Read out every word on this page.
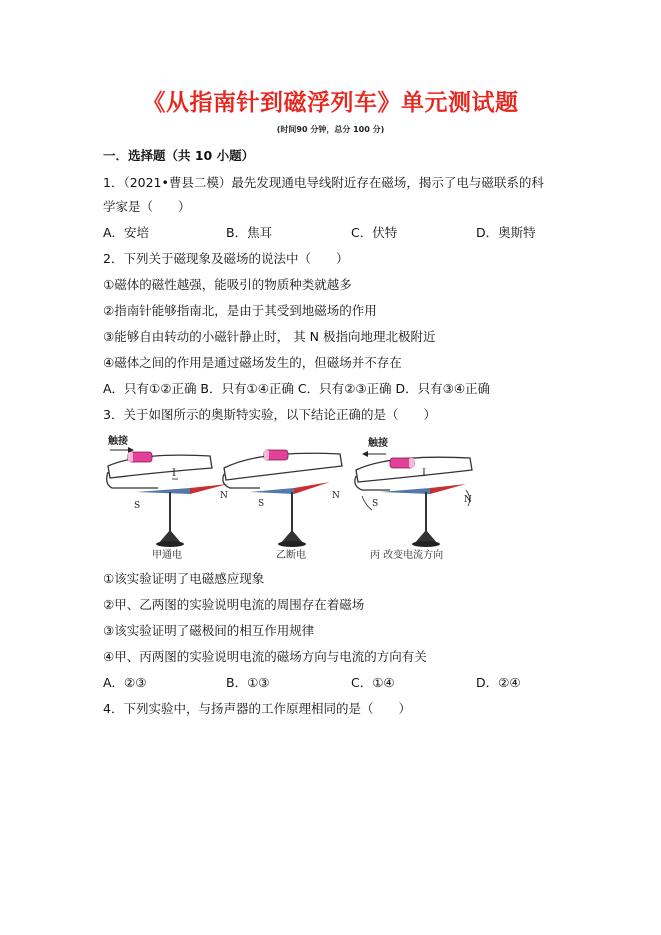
《从指南针到磁浮列车》单元测试题
(时间90 分钟，总分 100 分)
一．选择题（共 10 小题）
1．（2021•曹县二模）最先发现通电导线附近存在磁场，揭示了电与磁联系的科
学家是（　　）
A．安培	B．焦耳	C．伏特	D．奥斯特
2．下列关于磁现象及磁场的说法中（　　）
①磁体的磁性越强，能吸引的物质种类就越多
②指南针能够指南北，是由于其受到地磁场的作用
③能够自由转动的小磁针静止时， 其 N 极指向地理北极附近
④磁体之间的作用是通过磁场发生的，但磁场并不存在
A．只有①②正确 B．只有①④正确 C．只有②③正确 D．只有③④正确
3．关于如图所示的奥斯特实验，以下结论正确的是（　　）
触接
I
S
N
甲通电
S
N
乙断电
触接
I
S	N
丙 改变电流方向
①该实验证明了电磁感应现象
②甲、乙两图的实验说明电流的周围存在着磁场
③该实验证明了磁极间的相互作用规律
④甲、丙两图的实验说明电流的磁场方向与电流的方向有关
A．②③	B．①③	C．①④	D．②④
4．下列实验中，与扬声器的工作原理相同的是（　　）
